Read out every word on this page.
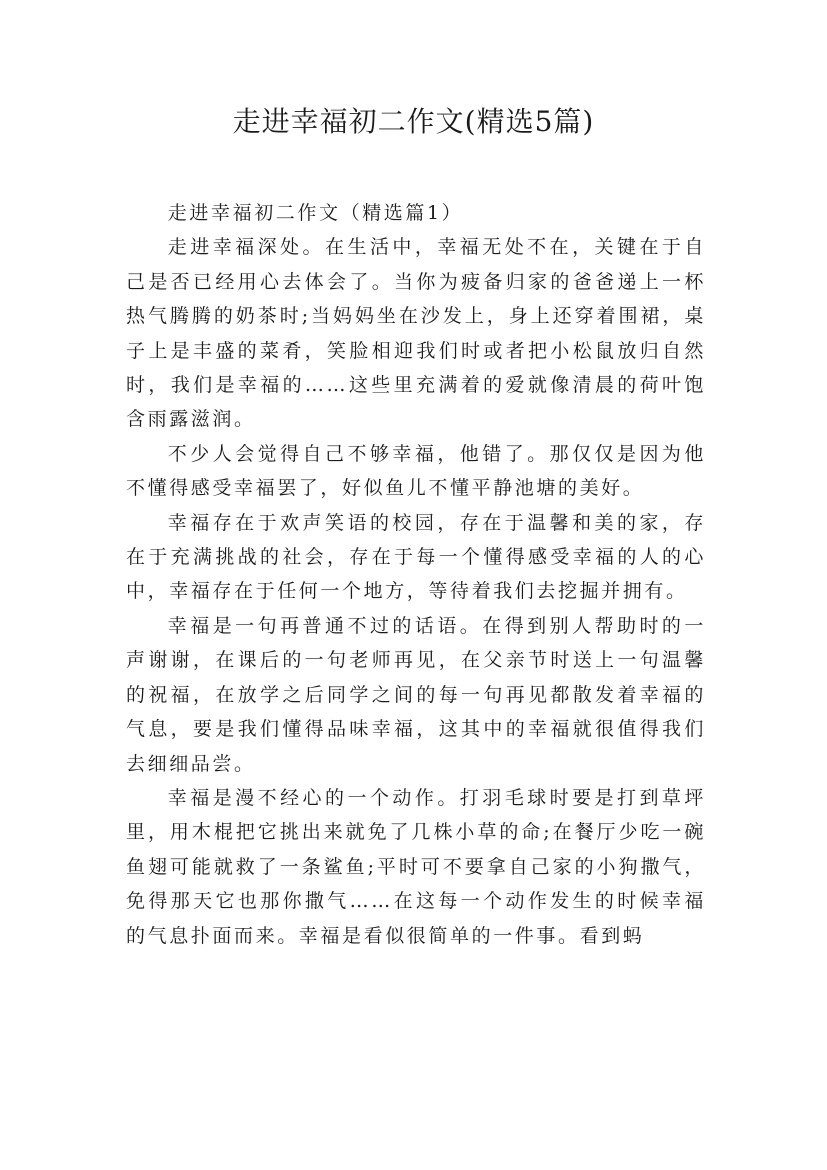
走进幸福初二作文(精选5篇)

走进幸福初二作文（精选篇1）

走进幸福深处。在生活中，幸福无处不在，关键在于自己是否已经用心去体会了。当你为疲备归家的爸爸递上一杯热气腾腾的奶茶时;当妈妈坐在沙发上，身上还穿着围裙，桌子上是丰盛的菜肴，笑脸相迎我们时或者把小松鼠放归自然时，我们是幸福的……这些里充满着的爱就像清晨的荷叶饱含雨露滋润。

不少人会觉得自己不够幸福，他错了。那仅仅是因为他不懂得感受幸福罢了，好似鱼儿不懂平静池塘的美好。

幸福存在于欢声笑语的校园，存在于温馨和美的家，存在于充满挑战的社会，存在于每一个懂得感受幸福的人的心中，幸福存在于任何一个地方，等待着我们去挖掘并拥有。

幸福是一句再普通不过的话语。在得到别人帮助时的一声谢谢，在课后的一句老师再见，在父亲节时送上一句温馨的祝福，在放学之后同学之间的每一句再见都散发着幸福的气息，要是我们懂得品味幸福，这其中的幸福就很值得我们去细细品尝。

幸福是漫不经心的一个动作。打羽毛球时要是打到草坪里，用木棍把它挑出来就免了几株小草的命;在餐厅少吃一碗鱼翅可能就救了一条鲨鱼;平时可不要拿自己家的小狗撒气，免得那天它也那你撒气……在这每一个动作发生的时候幸福的气息扑面而来。幸福是看似很简单的一件事。看到蚂
